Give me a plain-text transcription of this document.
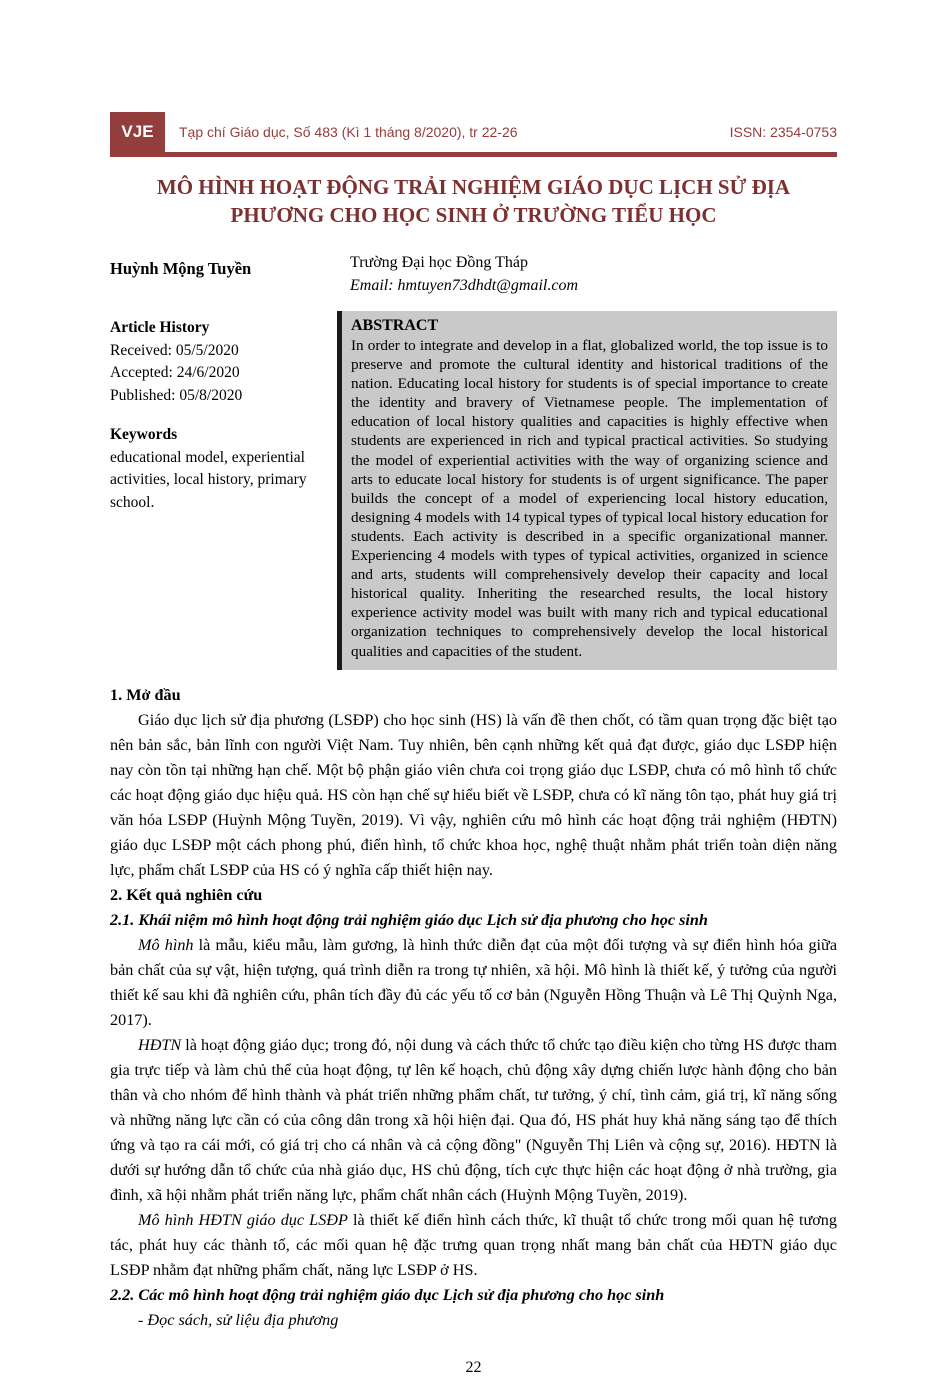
VJE	Tạp chí Giáo dục, Số 483 (Kì 1 tháng 8/2020), tr 22-26	ISSN: 2354-0753
MÔ HÌNH HOẠT ĐỘNG TRẢI NGHIỆM GIÁO DỤC LỊCH SỬ ĐỊA PHƯƠNG CHO HỌC SINH Ở TRƯỜNG TIỂU HỌC
Huỳnh Mộng Tuyền	Trường Đại học Đồng Tháp
Email: hmtuyen73dhdt@gmail.com
Article History
Received: 05/5/2020
Accepted: 24/6/2020
Published: 05/8/2020
Keywords
educational model, experiential activities, local history, primary school.
ABSTRACT
In order to integrate and develop in a flat, globalized world, the top issue is to preserve and promote the cultural identity and historical traditions of the nation. Educating local history for students is of special importance to create the identity and bravery of Vietnamese people. The implementation of education of local history qualities and capacities is highly effective when students are experienced in rich and typical practical activities. So studying the model of experiential activities with the way of organizing science and arts to educate local history for students is of urgent significance. The paper builds the concept of a model of experiencing local history education, designing 4 models with 14 typical types of typical local history education for students. Each activity is described in a specific organizational manner. Experiencing 4 models with types of typical activities, organized in science and arts, students will comprehensively develop their capacity and local historical quality. Inheriting the researched results, the local history experience activity model was built with many rich and typical educational organization techniques to comprehensively develop the local historical qualities and capacities of the student.
1. Mở đầu

Giáo dục lịch sử địa phương (LSĐP) cho học sinh (HS) là vấn đề then chốt, có tầm quan trọng đặc biệt tạo nên bản sắc, bản lĩnh con người Việt Nam. Tuy nhiên, bên cạnh những kết quả đạt được, giáo dục LSĐP hiện nay còn tồn tại những hạn chế. Một bộ phận giáo viên chưa coi trọng giáo dục LSĐP, chưa có mô hình tổ chức các hoạt động giáo dục hiệu quả. HS còn hạn chế sự hiểu biết về LSĐP, chưa có kĩ năng tôn tạo, phát huy giá trị văn hóa LSĐP (Huỳnh Mộng Tuyền, 2019). Vì vậy, nghiên cứu mô hình các hoạt động trải nghiệm (HĐTN) giáo dục LSĐP một cách phong phú, điển hình, tổ chức khoa học, nghệ thuật nhằm phát triển toàn diện năng lực, phẩm chất LSĐP của HS có ý nghĩa cấp thiết hiện nay.

2. Kết quả nghiên cứu
2.1. Khái niệm mô hình hoạt động trải nghiệm giáo dục Lịch sử địa phương cho học sinh

Mô hình là mẫu, kiểu mẫu, làm gương, là hình thức diễn đạt của một đối tượng và sự điển hình hóa giữa bản chất của sự vật, hiện tượng, quá trình diễn ra trong tự nhiên, xã hội. Mô hình là thiết kế, ý tưởng của người thiết kế sau khi đã nghiên cứu, phân tích đầy đủ các yếu tố cơ bản (Nguyễn Hồng Thuận và Lê Thị Quỳnh Nga, 2017).

HĐTN là hoạt động giáo dục; trong đó, nội dung và cách thức tổ chức tạo điều kiện cho từng HS được tham gia trực tiếp và làm chủ thể của hoạt động, tự lên kế hoạch, chủ động xây dựng chiến lược hành động cho bản thân và cho nhóm để hình thành và phát triển những phẩm chất, tư tưởng, ý chí, tình cảm, giá trị, kĩ năng sống và những năng lực cần có của công dân trong xã hội hiện đại. Qua đó, HS phát huy khả năng sáng tạo để thích ứng và tạo ra cái mới, có giá trị cho cá nhân và cả cộng đồng" (Nguyễn Thị Liên và cộng sự, 2016). HĐTN là dưới sự hướng dẫn tổ chức của nhà giáo dục, HS chủ động, tích cực thực hiện các hoạt động ở nhà trường, gia đình, xã hội nhằm phát triển năng lực, phẩm chất nhân cách (Huỳnh Mộng Tuyền, 2019).

Mô hình HĐTN giáo dục LSĐP là thiết kế điển hình cách thức, kĩ thuật tổ chức trong mối quan hệ tương tác, phát huy các thành tố, các mối quan hệ đặc trưng quan trọng nhất mang bản chất của HĐTN giáo dục LSĐP nhằm đạt những phẩm chất, năng lực LSĐP ở HS.

2.2. Các mô hình hoạt động trải nghiệm giáo dục Lịch sử địa phương cho học sinh
- Đọc sách, sử liệu địa phương
22
